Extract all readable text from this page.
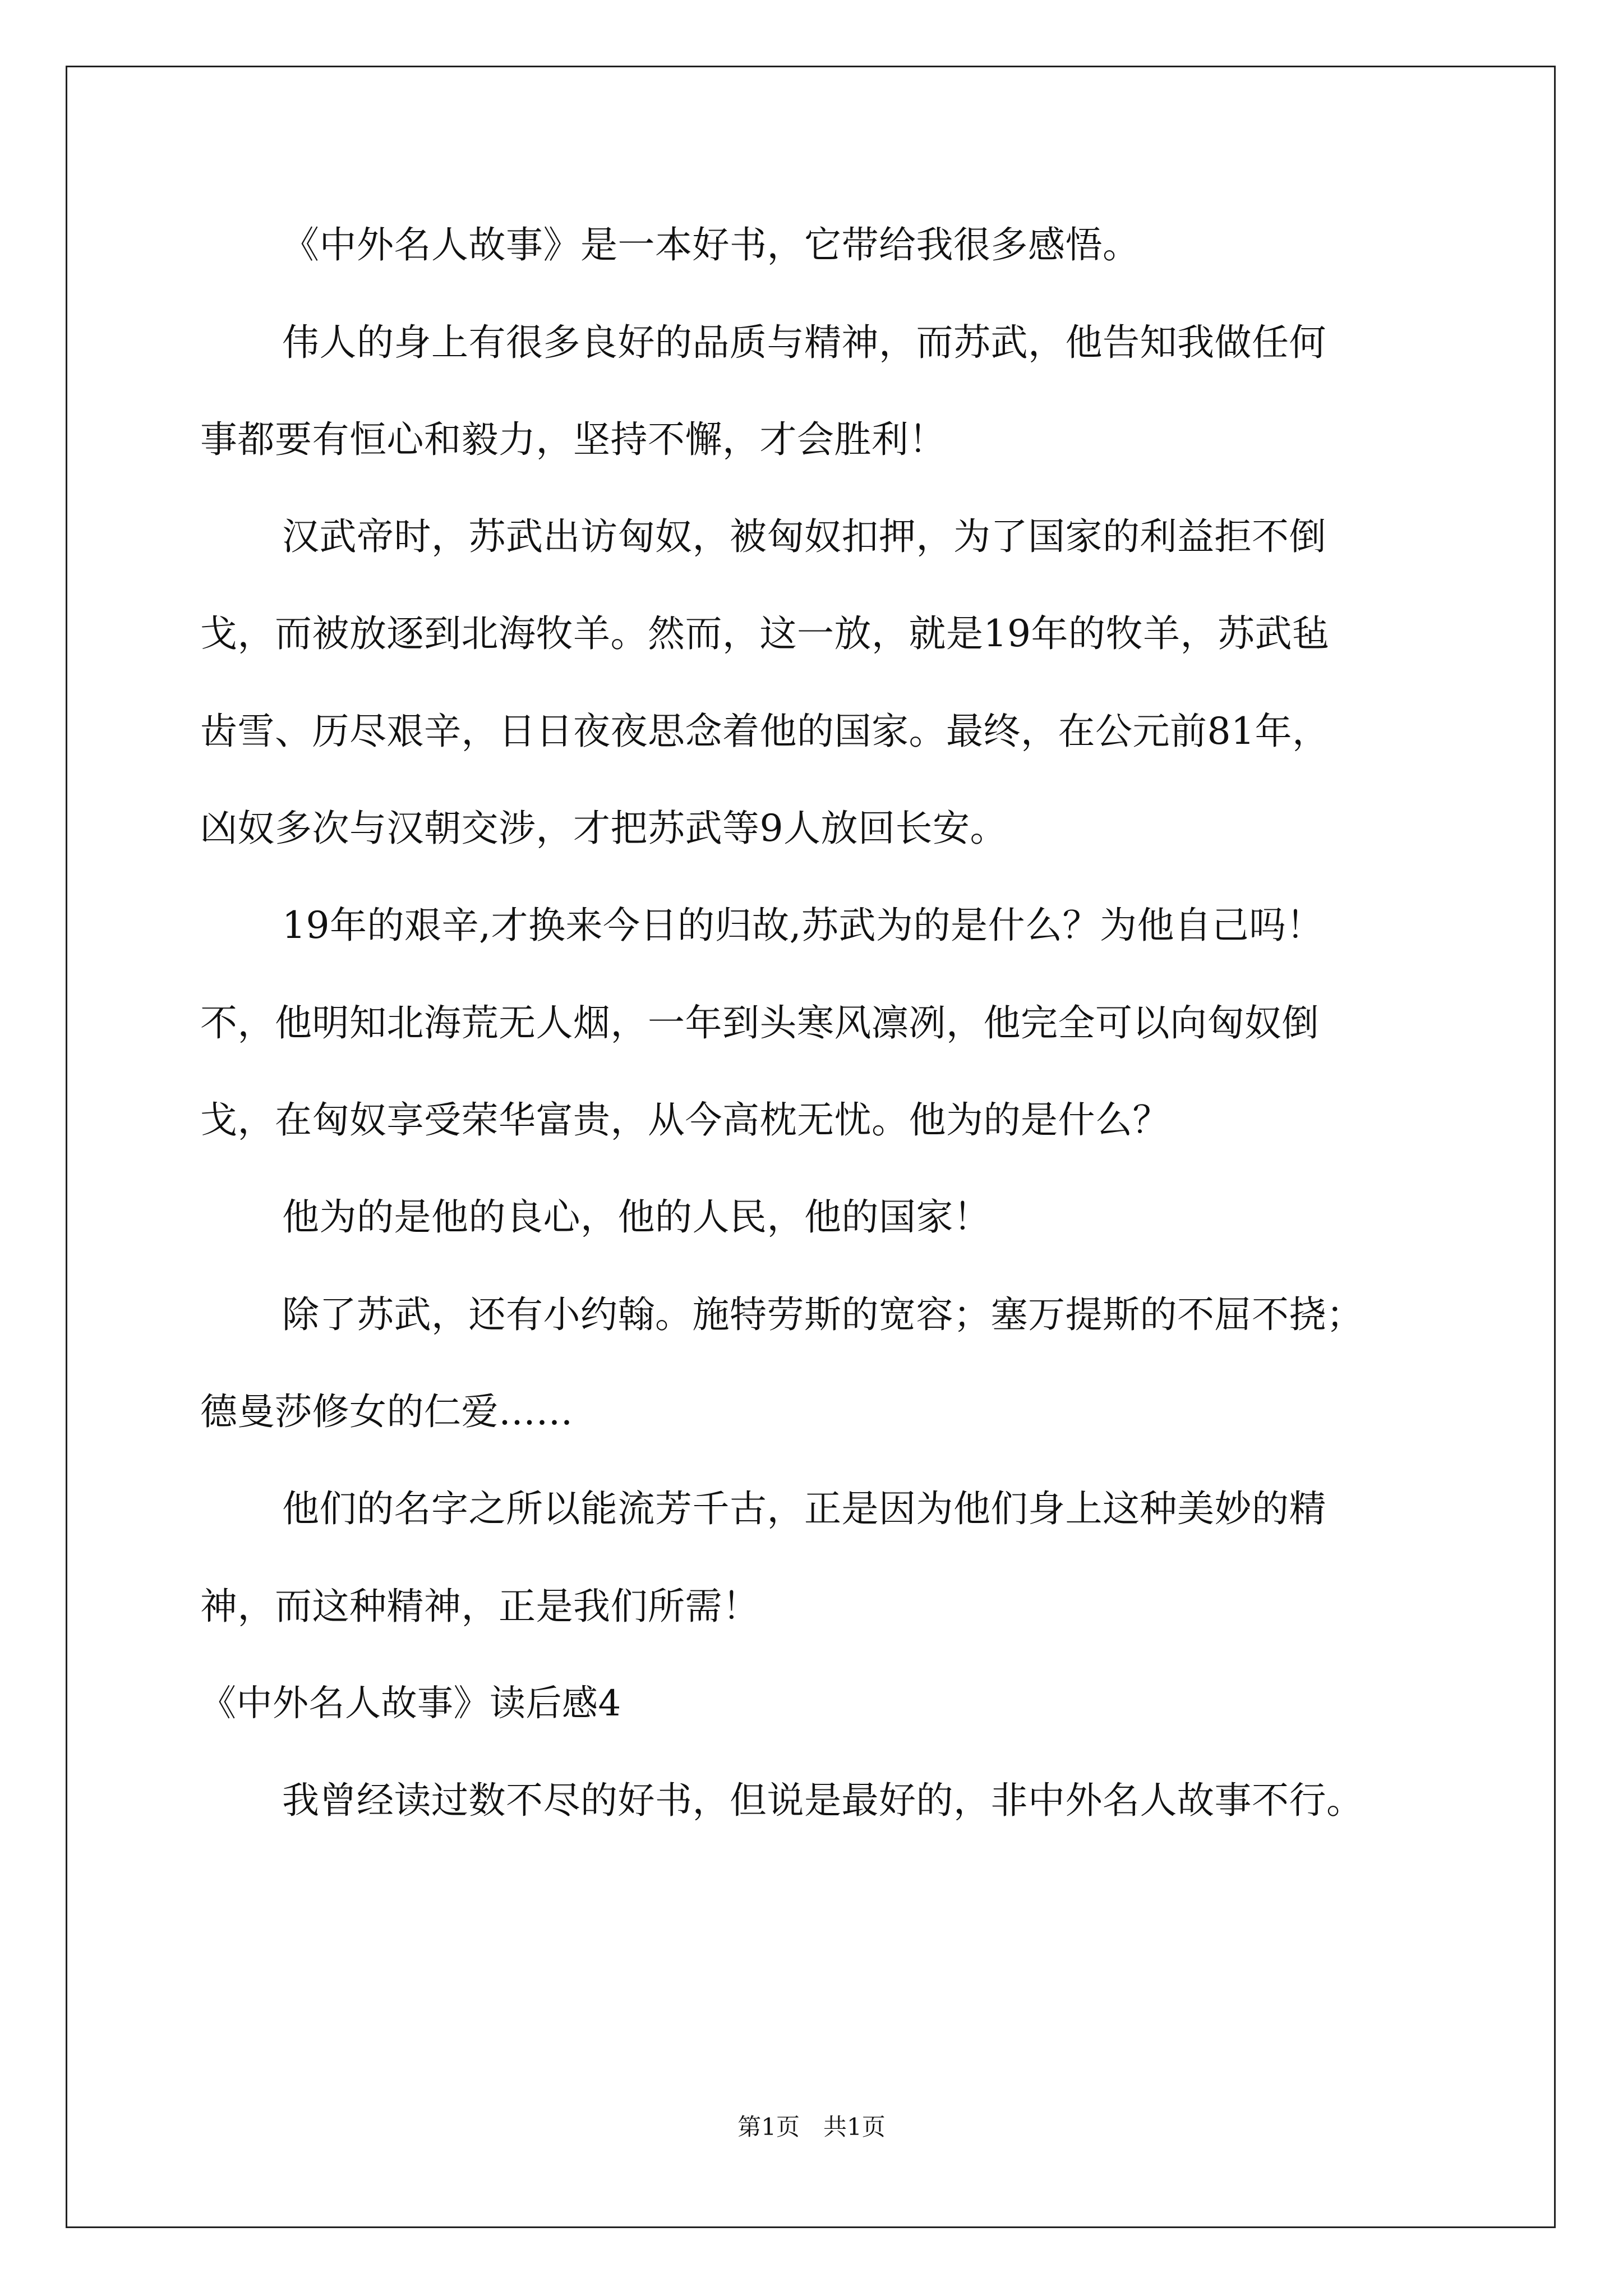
《中外名人故事》是一本好书，它带给我很多感悟。
伟人的身上有很多良好的品质与精神，而苏武，他告知我做任何
事都要有恒心和毅力，坚持不懈，才会胜利！
汉武帝时，苏武出访匈奴，被匈奴扣押，为了国家的利益拒不倒
戈，而被放逐到北海牧羊。然而，这一放，就是19年的牧羊，苏武毡
齿雪、历尽艰辛，日日夜夜思念着他的国家。最终，在公元前81年，
凶奴多次与汉朝交涉，才把苏武等9人放回长安。
19年的艰辛,才换来今日的归故,苏武为的是什么？为他自己吗！
不，他明知北海荒无人烟，一年到头寒风凛冽，他完全可以向匈奴倒
戈，在匈奴享受荣华富贵，从今高枕无忧。他为的是什么？
他为的是他的良心，他的人民，他的国家！
除了苏武，还有小约翰。施特劳斯的宽容；塞万提斯的不屈不挠；
德曼莎修女的仁爱……
他们的名字之所以能流芳千古，正是因为他们身上这种美妙的精
神，而这种精神，正是我们所需！
《中外名人故事》读后感4
我曾经读过数不尽的好书，但说是最好的，非中外名人故事不行。
第1页　共1页
